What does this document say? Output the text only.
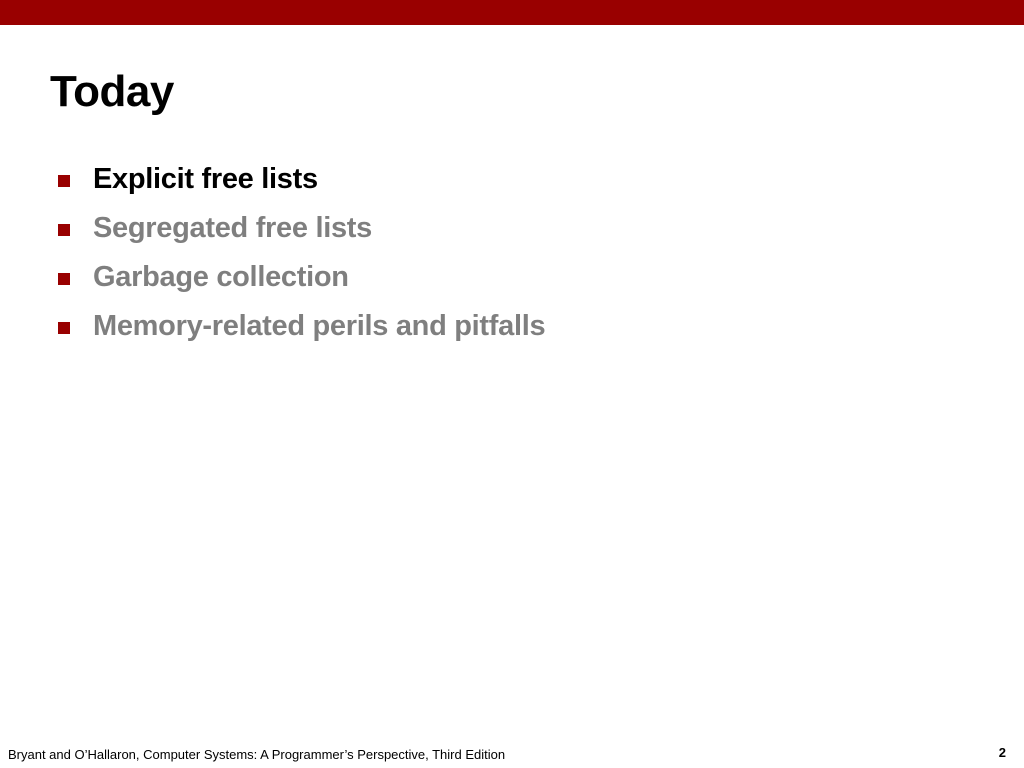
Today
Explicit free lists
Segregated free lists
Garbage collection
Memory-related perils and pitfalls
Bryant and O’Hallaron, Computer Systems: A Programmer’s Perspective, Third Edition	2
